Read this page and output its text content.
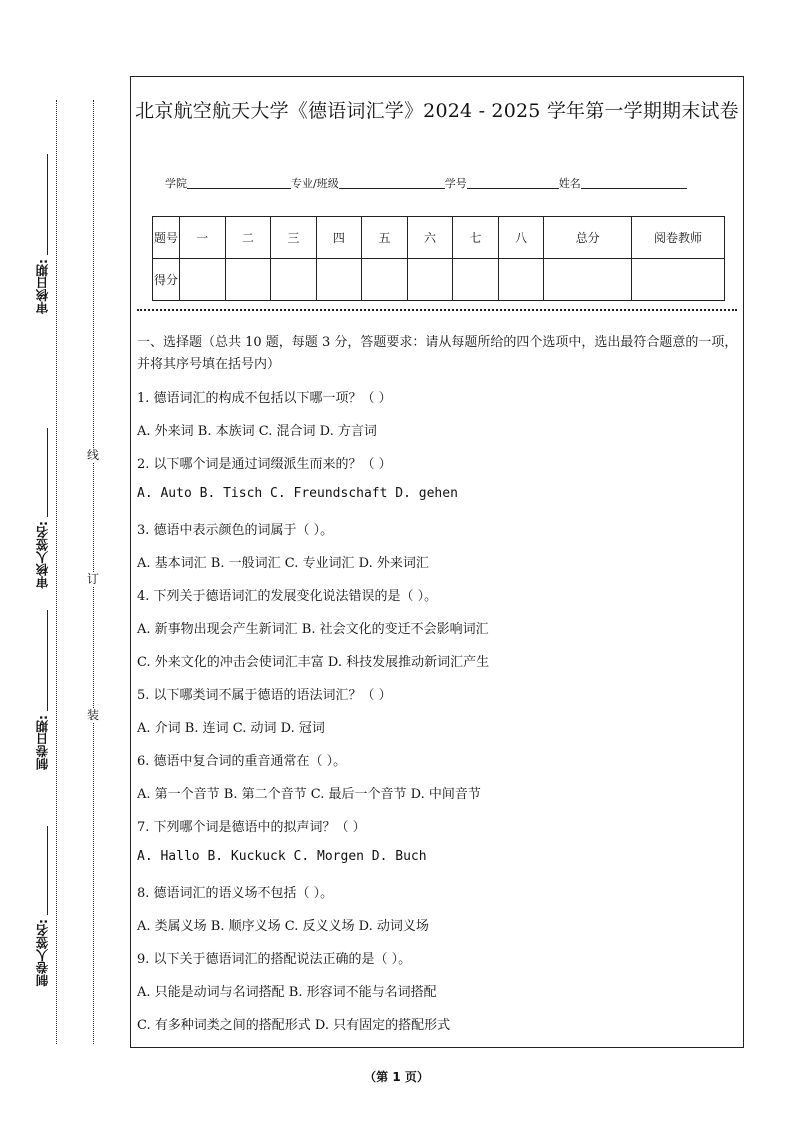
线
订
装
审核日期:
审核人签名:
制卷日期:
制卷人签名:
北京航空航天大学《德语词汇学》2024 - 2025 学年第一学期期末试卷
学院	专业/班级	学号	姓名
题号	一	二	三	四	五	六	七	八	总分	阅卷教师
得分										
一、选择题（总共 10 题，每题 3 分，答题要求：请从每题所给的四个选项中，选出最符合题意的一项，并将其序号填在括号内）
1. 德语词汇的构成不包括以下哪一项？（ ）
A. 外来词 B. 本族词 C. 混合词 D. 方言词
2. 以下哪个词是通过词缀派生而来的？（ ）
A. Auto B. Tisch C. Freundschaft D. gehen
3. 德语中表示颜色的词属于（ ）。
A. 基本词汇 B. 一般词汇 C. 专业词汇 D. 外来词汇
4. 下列关于德语词汇的发展变化说法错误的是（ ）。
A. 新事物出现会产生新词汇 B. 社会文化的变迁不会影响词汇
C. 外来文化的冲击会使词汇丰富 D. 科技发展推动新词汇产生
5. 以下哪类词不属于德语的语法词汇？（ ）
A. 介词 B. 连词 C. 动词 D. 冠词
6. 德语中复合词的重音通常在（ ）。
A. 第一个音节 B. 第二个音节 C. 最后一个音节 D. 中间音节
7. 下列哪个词是德语中的拟声词？（ ）
A. Hallo B. Kuckuck C. Morgen D. Buch
8. 德语词汇的语义场不包括（ ）。
A. 类属义场 B. 顺序义场 C. 反义义场 D. 动词义场
9. 以下关于德语词汇的搭配说法正确的是（ ）。
A. 只能是动词与名词搭配 B. 形容词不能与名词搭配
C. 有多种词类之间的搭配形式 D. 只有固定的搭配形式
（第 1 页）
